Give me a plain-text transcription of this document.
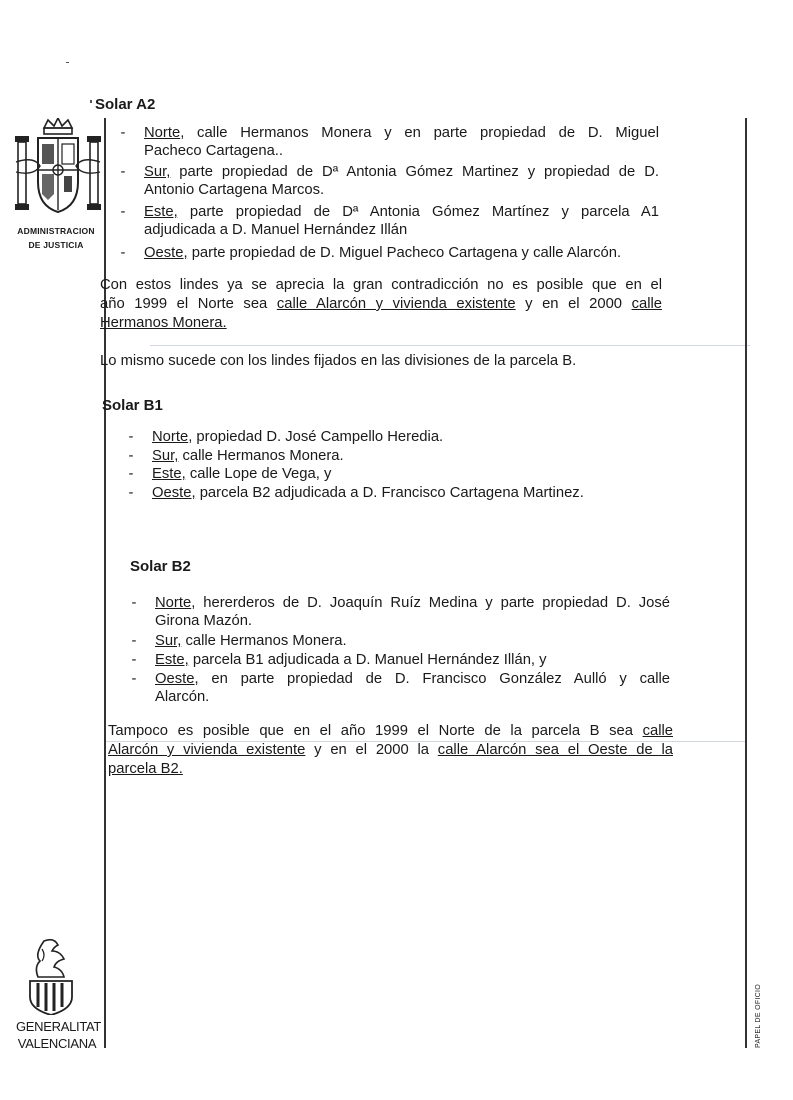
ADMINISTRACION
DE JUSTICIA
GENERALITAT
VALENCIANA	PAPEL DE OFICIO
Solar A2
- Norte, calle Hermanos Monera y en parte propiedad de D. Miguel
Pacheco Cartagena..
- Sur, parte propiedad de Dª Antonia Gómez Martinez y propiedad de D.
Antonio Cartagena Marcos.
- Este, parte propiedad de Dª Antonia Gómez Martínez y parcela A1
adjudicada a D. Manuel Hernández Illán
- Oeste, parte propiedad de D. Miguel Pacheco Cartagena y calle Alarcón.
Con estos lindes ya se aprecia la gran contradicción no es posible que en el
año 1999 el Norte sea calle Alarcón y vivienda existente y en el 2000 calle
Hermanos Monera.
Lo mismo sucede con los lindes fijados en las divisiones de la parcela B.
Solar B1
- Norte, propiedad D. José Campello Heredia.
- Sur, calle Hermanos Monera.
- Este, calle Lope de Vega, y
- Oeste, parcela B2 adjudicada a D. Francisco Cartagena Martinez.
Solar B2
- Norte, hererderos de D. Joaquín Ruíz Medina y parte propiedad D. José
Girona Mazón.
- Sur, calle Hermanos Monera.
- Este, parcela B1 adjudicada a D. Manuel Hernández Illán, y
- Oeste, en parte propiedad de D. Francisco González Aulló y calle
Alarcón.
Tampoco es posible que en el año 1999 el Norte de la parcela B sea calle
Alarcón y vivienda existente y en el 2000 la calle Alarcón sea el Oeste de la
parcela B2.
